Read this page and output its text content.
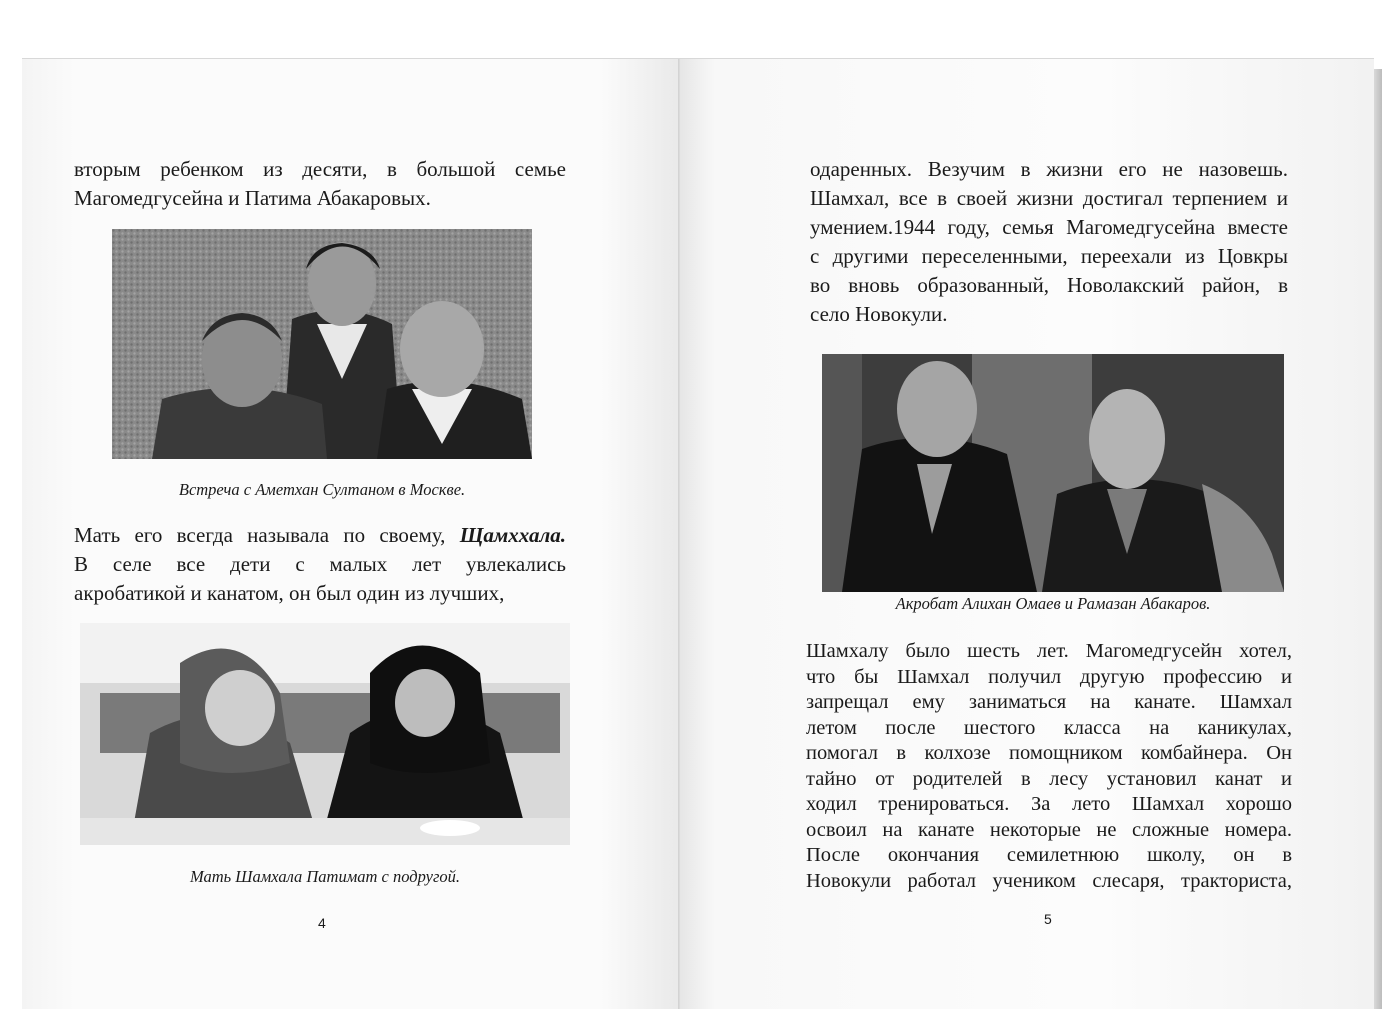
вторым ребенком из десяти, в большой семье
Магомедгусейна и Патима Абакаровых.
Встреча с Аметхан Султаном в Москве.
Мать его всегда называла по своему, Щамххала.
В селе все дети с малых лет увлекались
акробатикой и канатом, он был один из лучших,
Мать Шамхала Патимат с подругой.
4
одаренных. Везучим в жизни его не назовешь.
Шамхал, все в своей жизни достигал терпением и
умением.1944 году, семья Магомедгусейна вместе
с другими переселенными, переехали из Цовкры
во вновь образованный, Новолакский район, в
село Новокули.
Акробат Алихан Омаев и Рамазан Абакаров.
Шамхалу было шесть лет. Магомедгусейн хотел,
что бы Шамхал получил другую профессию и
запрещал ему заниматься на канате. Шамхал
летом после шестого класса на каникулах,
помогал в колхозе помощником комбайнера. Он
тайно от родителей в лесу установил канат и
ходил тренироваться. За лето Шамхал хорошо
освоил на канате некоторые не сложные номера.
После окончания семилетнюю школу, он в
Новокули работал учеником слесаря, тракториста,
5
